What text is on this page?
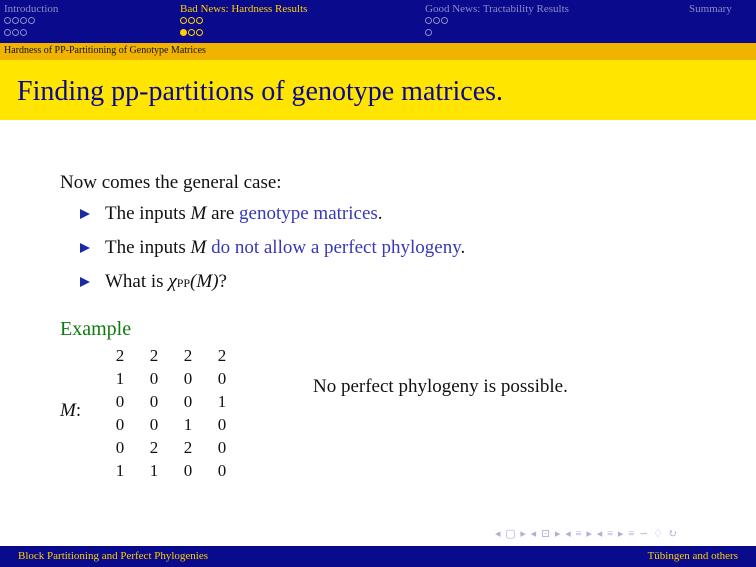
Introduction	Bad News: Hardness Results	Good News: Tractability Results	Summary
Hardness of PP-Partitioning of Genotype Matrices
Finding pp-partitions of genotype matrices.
Now comes the general case:
The inputs M are genotype matrices.
The inputs M do not allow a perfect phylogeny.
What is χPP(M)?
Example
M:
2	2	2	2
1	0	0	0
0	0	0	1
0	0	1	0
0	2	2	0
1	1	0	0
No perfect phylogeny is possible.
◂ ▢ ▸ ◂ ⊡ ▸ ◂ ≡ ▸ ◂ ≡ ▸ ≡ ∽ ♢ ↻
Block Partitioning and Perfect Phylogenies	Tübingen and others
